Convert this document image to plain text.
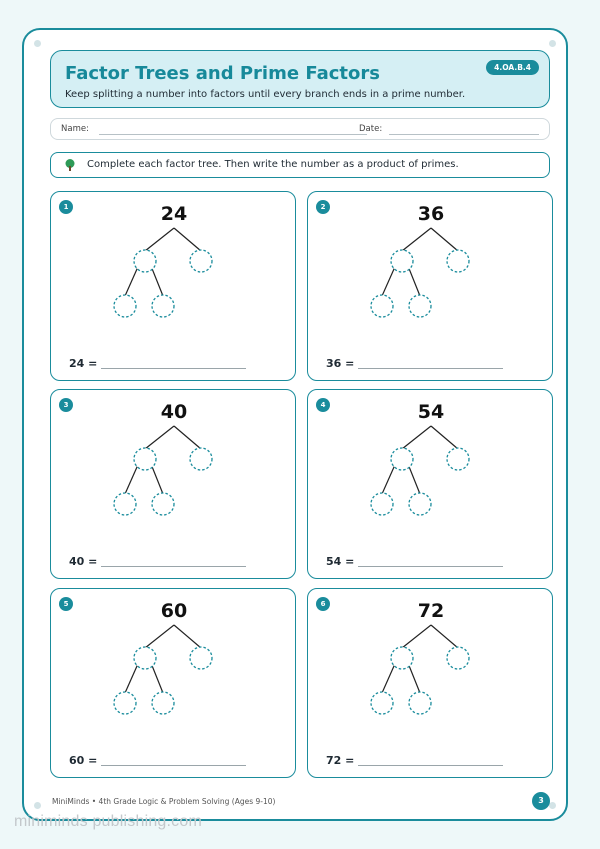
Factor Trees and Prime Factors
Keep splitting a number into factors until every branch ends in a prime number.
4.OA.B.4
Name:	Date:
Complete each factor tree. Then write the number as a product of primes.
1	24
24 =
2	36
36 =
3	40
40 =
4	54
54 =
5	60
60 =
6	72
72 =
MiniMinds • 4th Grade Logic & Problem Solving (Ages 9-10)	3
miniminds publishing.com
